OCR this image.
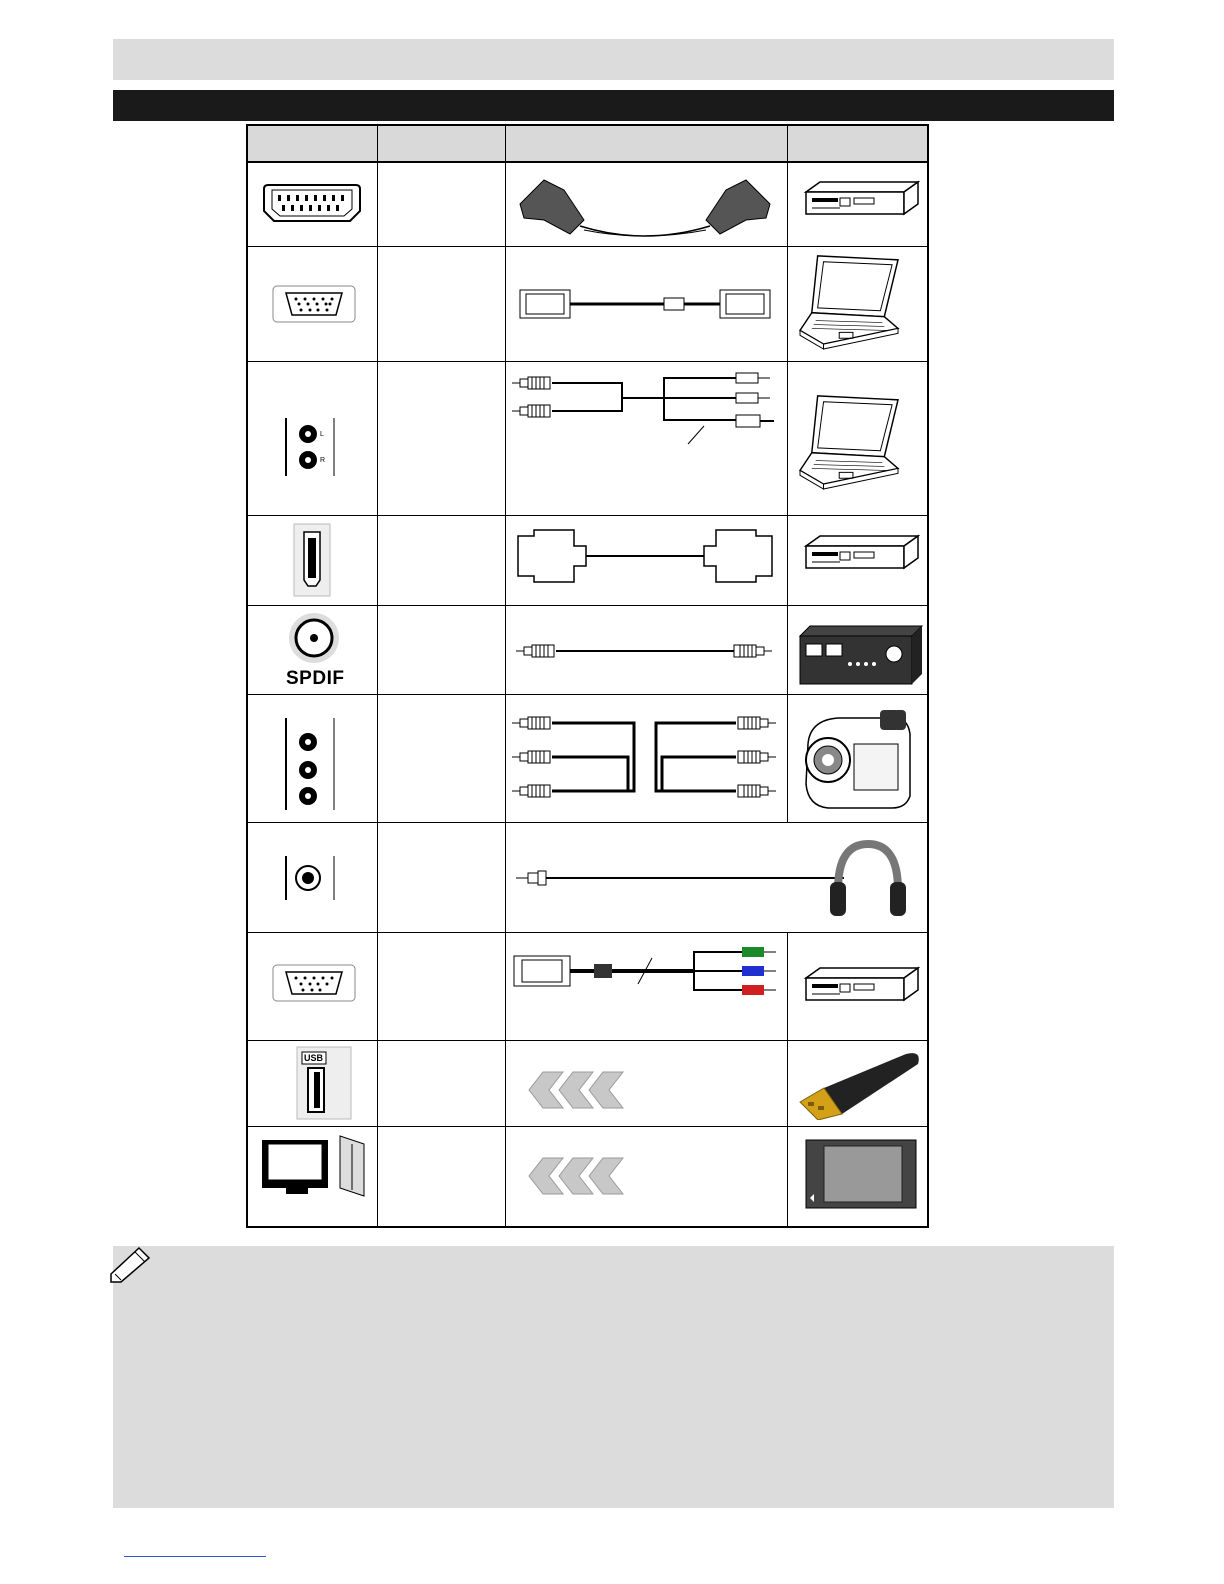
L
R
SPDIF
USB
